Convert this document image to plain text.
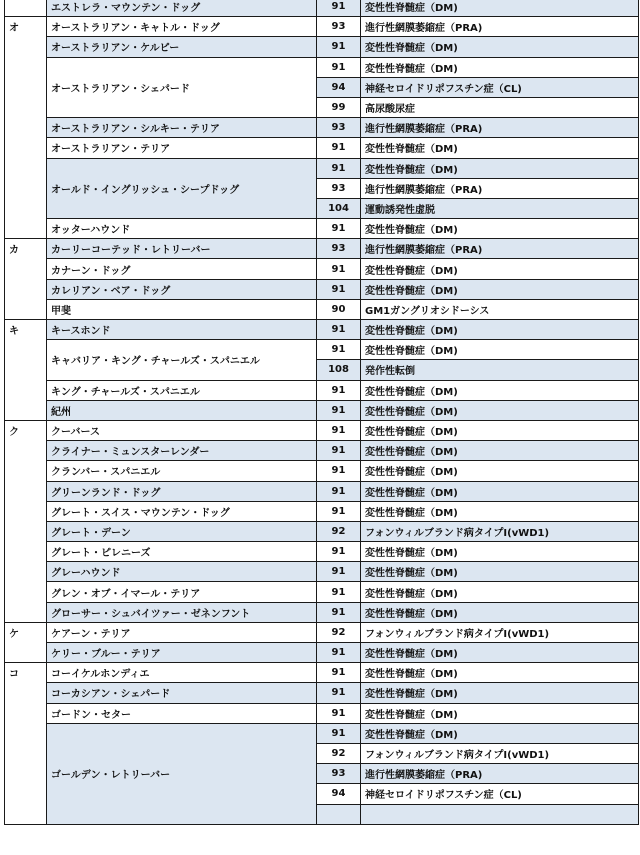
	エストレラ・マウンテン・ドッグ	91	変性性脊髄症（DM)
オ	オーストラリアン・キャトル・ドッグ	93	進行性網膜萎縮症（PRA)
	オーストラリアン・ケルピー	91	変性性脊髄症（DM)
	オーストラリアン・シェパード	91	変性性脊髄症（DM)
		94	神経セロイドリポフスチン症（CL)
		99	高尿酸尿症
	オーストラリアン・シルキー・テリア	93	進行性網膜萎縮症（PRA)
	オーストラリアン・テリア	91	変性性脊髄症（DM)
	オールド・イングリッシュ・シープドッグ	91	変性性脊髄症（DM)
		93	進行性網膜萎縮症（PRA)
		104	運動誘発性虚脱
	オッターハウンド	91	変性性脊髄症（DM)
カ	カーリーコーテッド・レトリーバー	93	進行性網膜萎縮症（PRA)
	カナーン・ドッグ	91	変性性脊髄症（DM)
	カレリアン・ベア・ドッグ	91	変性性脊髄症（DM)
	甲斐	90	GM1ガングリオシドーシス
キ	キースホンド	91	変性性脊髄症（DM)
	キャバリア・キング・チャールズ・スパニエル	91	変性性脊髄症（DM)
		108	発作性転倒
	キング・チャールズ・スパニエル	91	変性性脊髄症（DM)
	紀州	91	変性性脊髄症（DM)
ク	クーバース	91	変性性脊髄症（DM)
	クライナー・ミュンスターレンダー	91	変性性脊髄症（DM)
	クランバー・スパニエル	91	変性性脊髄症（DM)
	グリーンランド・ドッグ	91	変性性脊髄症（DM)
	グレート・スイス・マウンテン・ドッグ	91	変性性脊髄症（DM)
	グレート・デーン	92	フォンウィルブランド病タイプⅠ(vWD1)
	グレート・ピレニーズ	91	変性性脊髄症（DM)
	グレーハウンド	91	変性性脊髄症（DM)
	グレン・オブ・イマール・テリア	91	変性性脊髄症（DM)
	グローサー・シュバイツァー・ゼネンフント	91	変性性脊髄症（DM)
ケ	ケアーン・テリア	92	フォンウィルブランド病タイプⅠ(vWD1)
	ケリー・ブルー・テリア	91	変性性脊髄症（DM)
コ	コーイケルホンディエ	91	変性性脊髄症（DM)
	コーカシアン・シェパード	91	変性性脊髄症（DM)
	ゴードン・セター	91	変性性脊髄症（DM)
	ゴールデン・レトリーバー	91	変性性脊髄症（DM)
		92	フォンウィルブランド病タイプⅠ(vWD1)
		93	進行性網膜萎縮症（PRA)
		94	神経セロイドリポフスチン症（CL)
